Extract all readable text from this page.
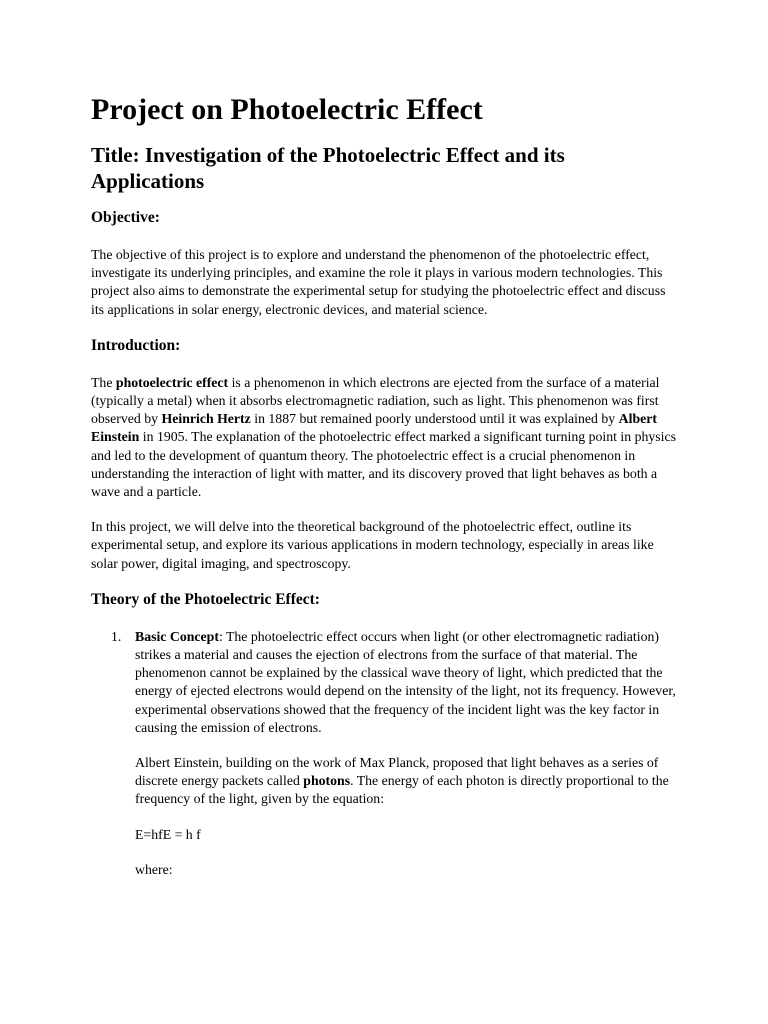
Project on Photoelectric Effect
Title: Investigation of the Photoelectric Effect and its Applications
Objective:

The objective of this project is to explore and understand the phenomenon of the photoelectric effect, investigate its underlying principles, and examine the role it plays in various modern technologies. This project also aims to demonstrate the experimental setup for studying the photoelectric effect and discuss its applications in solar energy, electronic devices, and material science.

Introduction:

The photoelectric effect is a phenomenon in which electrons are ejected from the surface of a material (typically a metal) when it absorbs electromagnetic radiation, such as light. This phenomenon was first observed by Heinrich Hertz in 1887 but remained poorly understood until it was explained by Albert Einstein in 1905. The explanation of the photoelectric effect marked a significant turning point in physics and led to the development of quantum theory. The photoelectric effect is a crucial phenomenon in understanding the interaction of light with matter, and its discovery proved that light behaves as both a wave and a particle.

In this project, we will delve into the theoretical background of the photoelectric effect, outline its experimental setup, and explore its various applications in modern technology, especially in areas like solar power, digital imaging, and spectroscopy.

Theory of the Photoelectric Effect:
1. Basic Concept: The photoelectric effect occurs when light (or other electromagnetic radiation) strikes a material and causes the ejection of electrons from the surface of that material. The phenomenon cannot be explained by the classical wave theory of light, which predicted that the energy of ejected electrons would depend on the intensity of the light, not its frequency. However, experimental observations showed that the frequency of the incident light was the key factor in causing the emission of electrons.

Albert Einstein, building on the work of Max Planck, proposed that light behaves as a series of discrete energy packets called photons. The energy of each photon is directly proportional to the frequency of the light, given by the equation:

E=hfE = h f

where:
